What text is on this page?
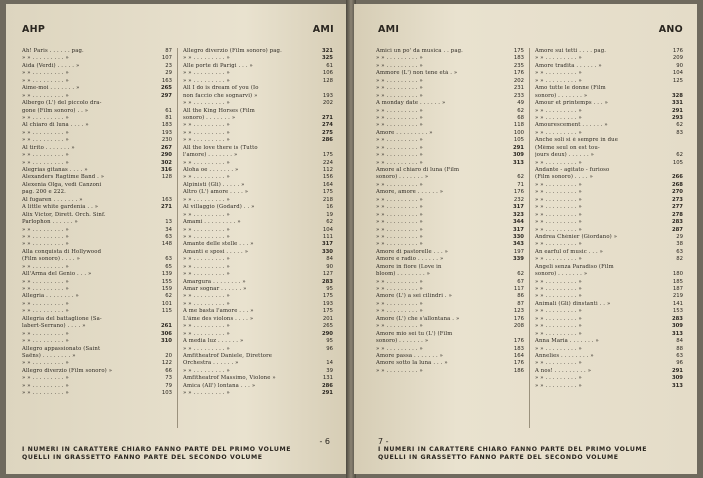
AHP	AMI
Ah! Paris . . . . . . pag.	87
» » . . . . . . . . . »	107
Aida (Verdi) . . . . . »	23
» » . . . . . . . . . »	29
» » . . . . . . . . . »	163
Aime-moi . . . . . . . »	265
» » . . . . . . . . . »	297
Albergo (L') del piccolo dra-
gone (Film sonoro) . . »	61
» » . . . . . . . . . »	81
Al chiaro di luna . . . . »	183
» » . . . . . . . . . »	193
» » . . . . . . . . . »	230
Al tirito . . . . . . . »	267
» » . . . . . . . . . »	290
» » . . . . . . . . . »	302
Alegrias gitanas . . . . »	316
Alexanders Ragtime Band . »	128
Alexenia Olga, vedi Canzoni
pag. 200 e 222.
Al fugaren . . . . . . . »	163
A little white gardenia . . »	271
Alix Victor, Dirett. Orch. Sinf.
Parlophon . . . . . . »	13
» » . . . . . . . . . »	34
» » . . . . . . . . . »	63
» » . . . . . . . . . »	148
Alla conquista di Hollywood
(Film sonoro) . . . . »	63
» » . . . . . . . . . »	65
All'Arma del Genio . . . »	139
» » . . . . . . . . . »	155
» » . . . . . . . . . »	159
Allegria . . . . . . . . »	62
» » . . . . . . . . . »	101
» » . . . . . . . . . »	115
Allegria del battaglione (Sa-
labert-Serrano) . . . . »	261
» » . . . . . . . . . »	306
» » . . . . . . . . . »	310
Allegro appassionato (Saint
Saëns) . . . . . . . . »	20
» » . . . . . . . . . »	122
Allegro diverzio (Film sonoro) »	66
» » . . . . . . . . . »	73
» » . . . . . . . . . »	79
» » . . . . . . . . . »	103
Allegro diverzio (Film sonoro) pag.	321
» » . . . . . . . . . »	325
Alle porte di Parigi . . . »	61
» » . . . . . . . . . »	106
» » . . . . . . . . . »	128
All I do is dream of you (Io
non faccio che sognarvi) »	193
» » . . . . . . . . . »	202
All the King Horses (Film
sonoro) . . . . . . . »	271
» » . . . . . . . . . »	274
» » . . . . . . . . . »	275
» » . . . . . . . . . »	286
All the love there is (Tutto
l'amore) . . . . . . . »	175
» » . . . . . . . . . »	224
Aloha oe . . . . . . . »	112
» » . . . . . . . . . »	156
Alpinisti (Gli) . . . . . »	164
Altro (L') amore . . . . »	175
» » . . . . . . . . . »	218
Al villaggio (Godard) . . »	16
» » . . . . . . . . . »	19
Amami . . . . . . . . . »	62
» » . . . . . . . . . »	104
» » . . . . . . . . . »	111
Amante delle stelle . . . »	317
Amanti e sposi . . . . . »	330
» » . . . . . . . . . »	84
» » . . . . . . . . . »	90
» » . . . . . . . . . »	127
Amargura . . . . . . . . »	283
Amar sognar . . . . . . »	95
» » . . . . . . . . . »	175
» » . . . . . . . . . »	193
A me basta l'amore . . . »	175
L'âme des violons . . . . »	201
» » . . . . . . . . . »	265
» » . . . . . . . . . »	290
A media luz . . . . . . »	95
» » . . . . . . . . . »	96
Amfitheatrof Daniele, Direttore
Orchestra . . . . . . »	14
» » . . . . . . . . . »	39
Amfitheatrof Massimo, Violone »	131
Amica (All') lontana . . . »	286
» » . . . . . . . . . »	291
- 6
I NUMERI IN CARATTERE CHIARO FANNO PARTE DEL PRIMO VOLUME
QUELLI IN GRASSETTO FANNO PARTE DEL SECONDO VOLUME
AMI	ANO
Amici un po' da musica . . pag.	175
» » . . . . . . . . . »	183
» » . . . . . . . . . »	235
Ammore (L') non tene età . »	176
» » . . . . . . . . . »	202
» » . . . . . . . . . »	231
» » . . . . . . . . . »	233
A monday date . . . . . . »	49
» » . . . . . . . . . »	62
» » . . . . . . . . . »	68
» » . . . . . . . . . »	118
Amore . . . . . . . . . »	100
» » . . . . . . . . . »	105
» » . . . . . . . . . »	291
» » . . . . . . . . . »	309
» » . . . . . . . . . »	313
Amore al chiaro di luna (Film
sonoro) . . . . . . . »	62
» » . . . . . . . . . »	71
Amore, amore . . . . . . »	176
» » . . . . . . . . . »	232
» » . . . . . . . . . »	317
» » . . . . . . . . . »	323
» » . . . . . . . . . »	344
» » . . . . . . . . . »	317
» » . . . . . . . . . »	330
» » . . . . . . . . . »	343
Amore di pastorelle . . . »	197
Amore e radio . . . . . . »	339
Amore in fiore (Love in
bloom) . . . . . . . . »	62
» » . . . . . . . . . »	67
» » . . . . . . . . . »	117
Amore (L') a sei cilindri . »	86
» » . . . . . . . . . »	87
» » . . . . . . . . . »	123
Amore (L') che s'allontana . »	176
» » . . . . . . . . . »	208
Amore mio sei tu (L') (Film
sonoro) . . . . . . . »	176
» » . . . . . . . . . »	183
Amore passa . . . . . . . »	164
Amore sotto la luna . . . »	176
» » . . . . . . . . . »	186
Amore sui tetti . . . . pag.	176
» » . . . . . . . . . »	209
Amore tradita . . . . . . »	90
» » . . . . . . . . . »	104
» » . . . . . . . . . »	125
Amo tutte le donne (Film
sonoro) . . . . . . . »	328
Amour et printemps . . . »	331
» » . . . . . . . . . »	291
» » . . . . . . . . . »	293
Amourescement . . . . . . »	62
» » . . . . . . . . . »	83
Anche soli si è sempre in due
(Même seul on est tou-
jours deux) . . . . . . »	62
» » . . . . . . . . . »	105
Andante - agitato - furioso
(Film sonoro) . . . . »	266
» » . . . . . . . . . »	268
» » . . . . . . . . . »	270
» » . . . . . . . . . »	273
» » . . . . . . . . . »	277
» » . . . . . . . . . »	278
» » . . . . . . . . . »	283
» » . . . . . . . . . »	287
Andrea Chénier (Giordano) »	29
» » . . . . . . . . . »	38
An earful of music . . . »	63
» » . . . . . . . . . »	82
Angeli senza Paradiso (Film
sonoro) . . . . . . . »	180
» » . . . . . . . . . »	185
» » . . . . . . . . . »	187
» » . . . . . . . . . »	219
Animali (Gli) dinstanti . . »	141
» » . . . . . . . . . »	153
» » . . . . . . . . . »	283
» » . . . . . . . . . »	309
» » . . . . . . . . . »	313
Anna Maria . . . . . . . »	84
» » . . . . . . . . . »	88
Annelies . . . . . . . . »	63
» » . . . . . . . . . »	96
A nos! . . . . . . . . . »	291
» » . . . . . . . . . »	309
» » . . . . . . . . . »	313
7 -
I NUMERI IN CARATTERE CHIARO FANNO PARTE DEL PRIMO VOLUME
QUELLI IN GRASSETTO FANNO PARTE DEL SECONDO VOLUME
